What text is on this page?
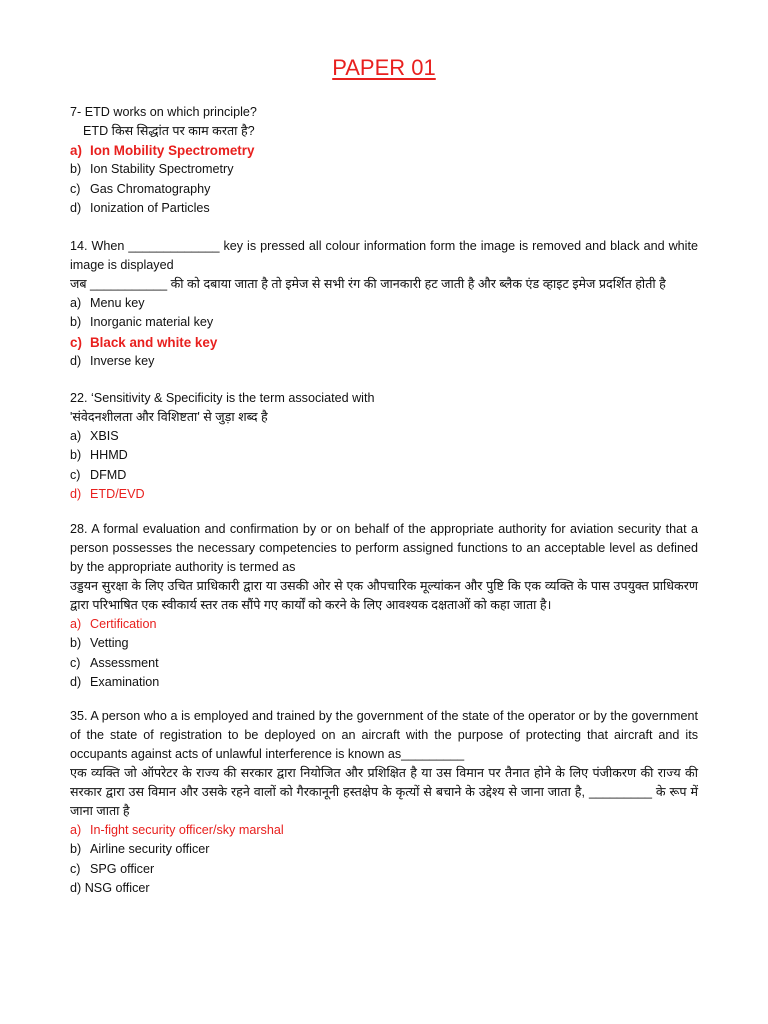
PAPER 01
7- ETD works on which principle?
ETD किस सिद्धांत पर काम करता है?
a) Ion Mobility Spectrometry
b) Ion Stability Spectrometry
c) Gas Chromatography
d) Ionization of Particles
14. When _____________ key is pressed all colour information form the image is removed and black and white image is displayed
जब ___________ की को दबाया जाता है तो इमेज से सभी रंग की जानकारी हट जाती है और ब्लैक एंड व्हाइट इमेज प्रदर्शित होती है
a) Menu key
b) Inorganic material key
c) Black and white key
d) Inverse key
22. ‘Sensitivity & Specificity is the term associated with
'संवेदनशीलता और विशिष्टता' से जुड़ा शब्द है
a) XBIS
b) HHMD
c) DFMD
d) ETD/EVD
28. A formal evaluation and confirmation by or on behalf of the appropriate authority for aviation security that a person possesses the necessary competencies to perform assigned functions to an acceptable level as defined by the appropriate authority is termed as
उड्डयन सुरक्षा के लिए उचित प्राधिकारी द्वारा या उसकी ओर से एक औपचारिक मूल्यांकन और पुष्टि कि एक व्यक्ति के पास उपयुक्त प्राधिकरण द्वारा परिभाषित एक स्वीकार्य स्तर तक सौंपे गए कार्यों को करने के लिए आवश्यक दक्षताओं को कहा जाता है।
a) Certification
b) Vetting
c) Assessment
d) Examination
35. A person who a is employed and trained by the government of the state of the operator or by the government of the state of registration to be deployed on an aircraft with the purpose of protecting that aircraft and its occupants against acts of unlawful interference is known as_________
एक व्यक्ति जो ऑपरेटर के राज्य की सरकार द्वारा नियोजित और प्रशिक्षित है या उस विमान पर तैनात होने के लिए पंजीकरण की राज्य की सरकार द्वारा उस विमान और उसके रहने वालों को गैरकानूनी हस्तक्षेप के कृत्यों से बचाने के उद्देश्य से जाना जाता है, _________ के रूप में जाना जाता है
a) In-fight security officer/sky marshal
b) Airline security officer
c) SPG officer
d) NSG officer
